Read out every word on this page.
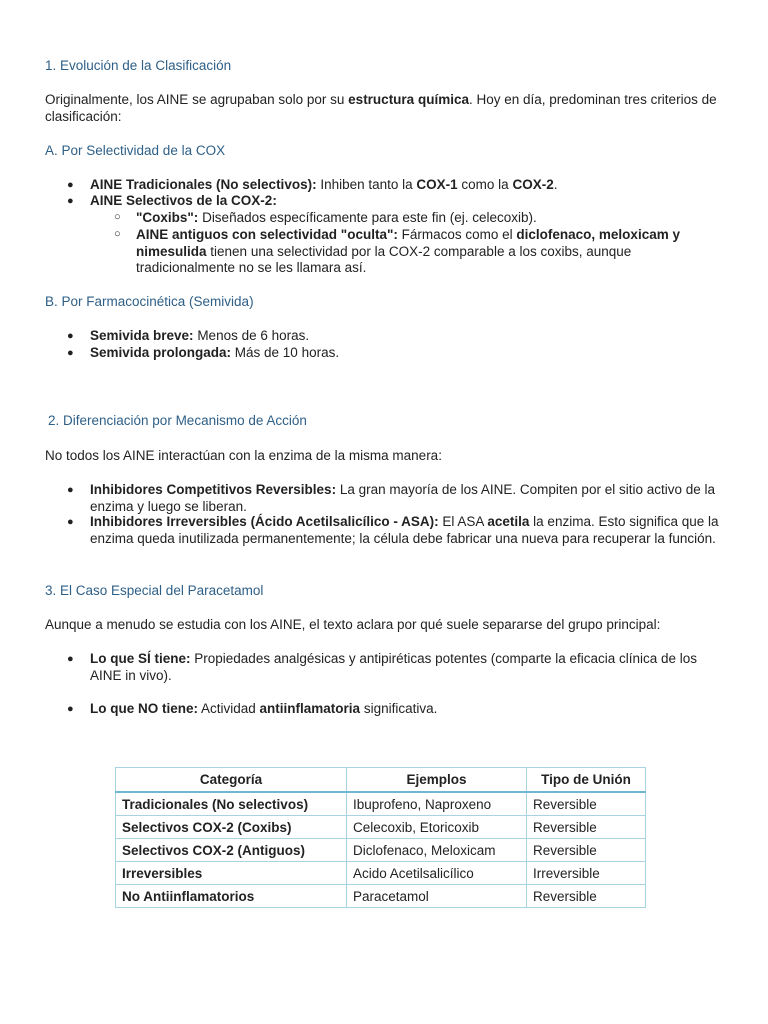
1. Evolución de la Clasificación
Originalmente, los AINE se agrupaban solo por su estructura química. Hoy en día, predominan tres criterios de clasificación:
A. Por Selectividad de la COX
● AINE Tradicionales (No selectivos): Inhiben tanto la COX-1 como la COX-2.
● AINE Selectivos de la COX-2:
○ "Coxibs": Diseñados específicamente para este fin (ej. celecoxib).
○ AINE antiguos con selectividad "oculta": Fármacos como el diclofenaco, meloxicam y nimesulida tienen una selectividad por la COX-2 comparable a los coxibs, aunque tradicionalmente no se les llamara así.
B. Por Farmacocinética (Semivida)
● Semivida breve: Menos de 6 horas.
● Semivida prolongada: Más de 10 horas.
2. Diferenciación por Mecanismo de Acción
No todos los AINE interactúan con la enzima de la misma manera:
● Inhibidores Competitivos Reversibles: La gran mayoría de los AINE. Compiten por el sitio activo de la enzima y luego se liberan.
● Inhibidores Irreversibles (Ácido Acetilsalicílico - ASA): El ASA acetila la enzima. Esto significa que la enzima queda inutilizada permanentemente; la célula debe fabricar una nueva para recuperar la función.
3. El Caso Especial del Paracetamol
Aunque a menudo se estudia con los AINE, el texto aclara por qué suele separarse del grupo principal:
● Lo que SÍ tiene: Propiedades analgésicas y antipiréticas potentes (comparte la eficacia clínica de los AINE in vivo).
● Lo que NO tiene: Actividad antiinflamatoria significativa.
Categoría	Ejemplos	Tipo de Unión
Tradicionales (No selectivos)	Ibuprofeno, Naproxeno	Reversible
Selectivos COX-2 (Coxibs)	Celecoxib, Etoricoxib	Reversible
Selectivos COX-2 (Antiguos)	Diclofenaco, Meloxicam	Reversible
Irreversibles	Acido Acetilsalicílico	Irreversible
No Antiinflamatorios	Paracetamol	Reversible
